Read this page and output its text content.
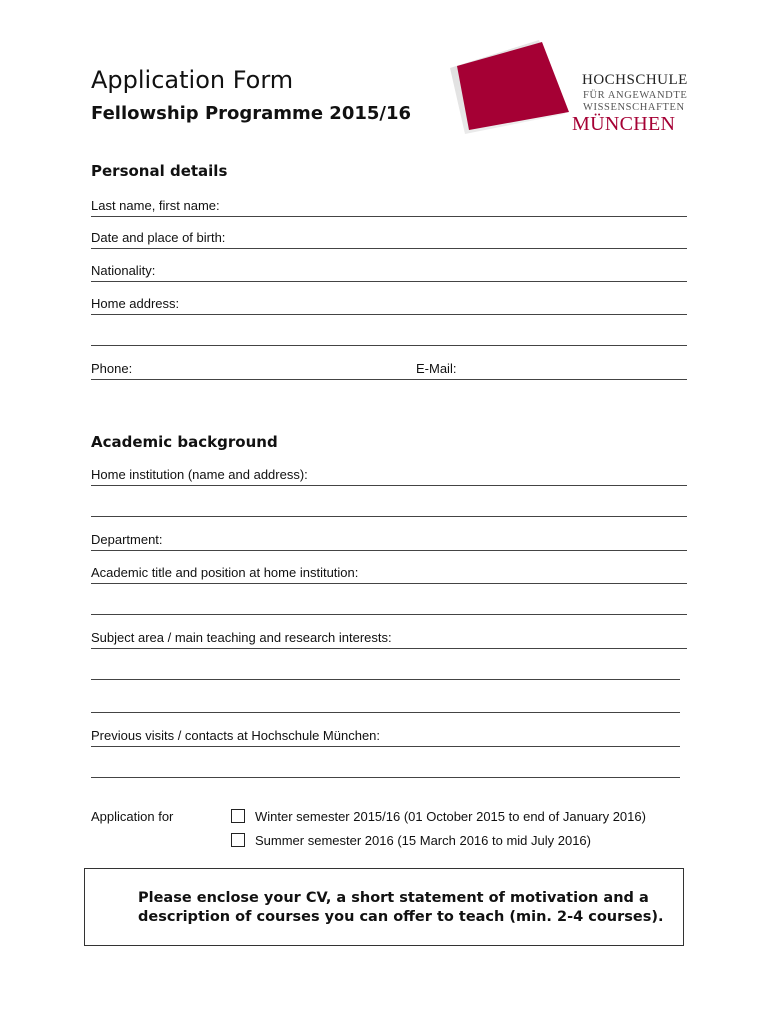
Application Form
Fellowship Programme 2015/16
HOCHSCHULE
FÜR ANGEWANDTE
WISSENSCHAFTEN
MÜNCHEN
Personal details
Last name, first name:
Date and place of birth:
Nationality:
Home address:
Phone:	E-Mail:
Academic background
Home institution (name and address):
Department:
Academic title and position at home institution:
Subject area / main teaching and research interests:
Previous visits / contacts at Hochschule München:
Application for	Winter semester 2015/16 (01 October 2015 to end of January 2016)
Summer semester 2016 (15 March 2016 to mid July 2016)
Please enclose your CV, a short statement of motivation and a
description of courses you can offer to teach (min. 2-4 courses).
